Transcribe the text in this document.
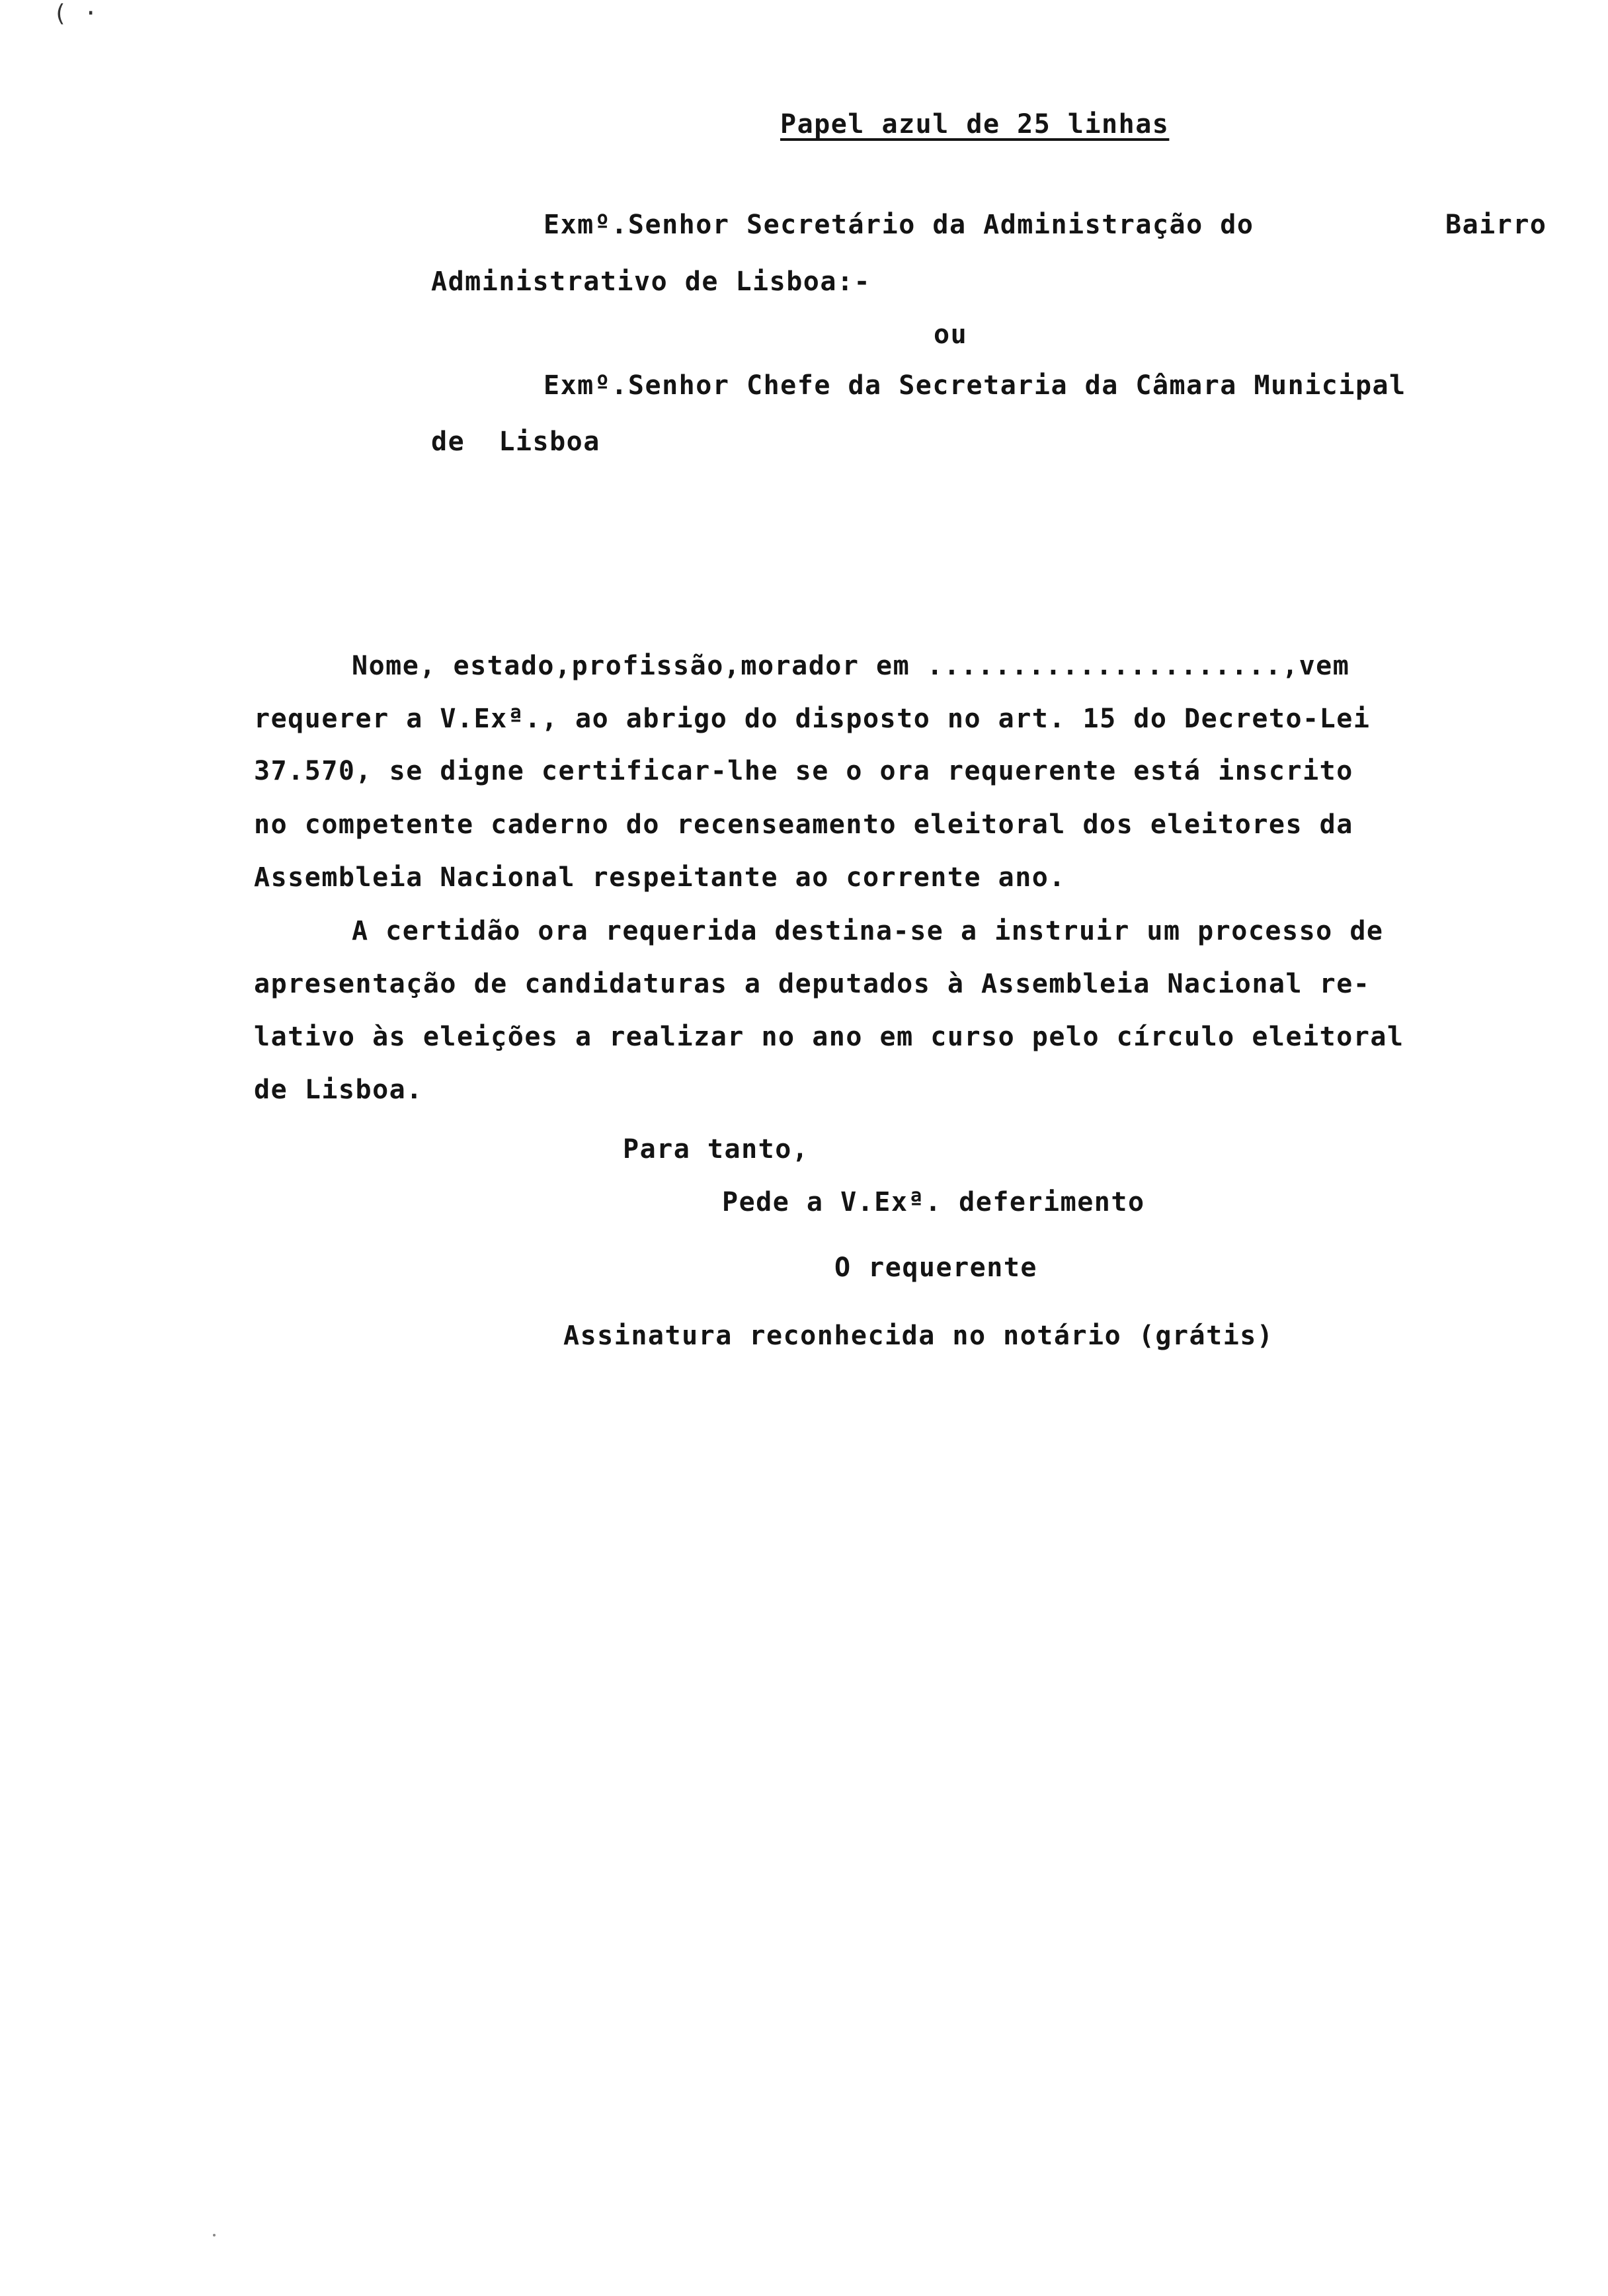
( ·
Papel azul de 25 linhas
Exmº.Senhor Secretário da Administração do	Bairro
Administrativo de Lisboa:-
ou
Exmº.Senhor Chefe da Secretaria da Câmara Municipal
de  Lisboa
Nome, estado,profissão,morador em .....................,vem
requerer a V.Exª., ao abrigo do disposto no art. 15 do Decreto-Lei
37.570, se digne certificar-lhe se o ora requerente está inscrito
no competente caderno do recenseamento eleitoral dos eleitores da
Assembleia Nacional respeitante ao corrente ano.
A certidão ora requerida destina-se a instruir um processo de
apresentação de candidaturas a deputados à Assembleia Nacional re-
lativo às eleições a realizar no ano em curso pelo círculo eleitoral
de Lisboa.
Para tanto,
Pede a V.Exª. deferimento
O requerente
Assinatura reconhecida no notário (grátis)
